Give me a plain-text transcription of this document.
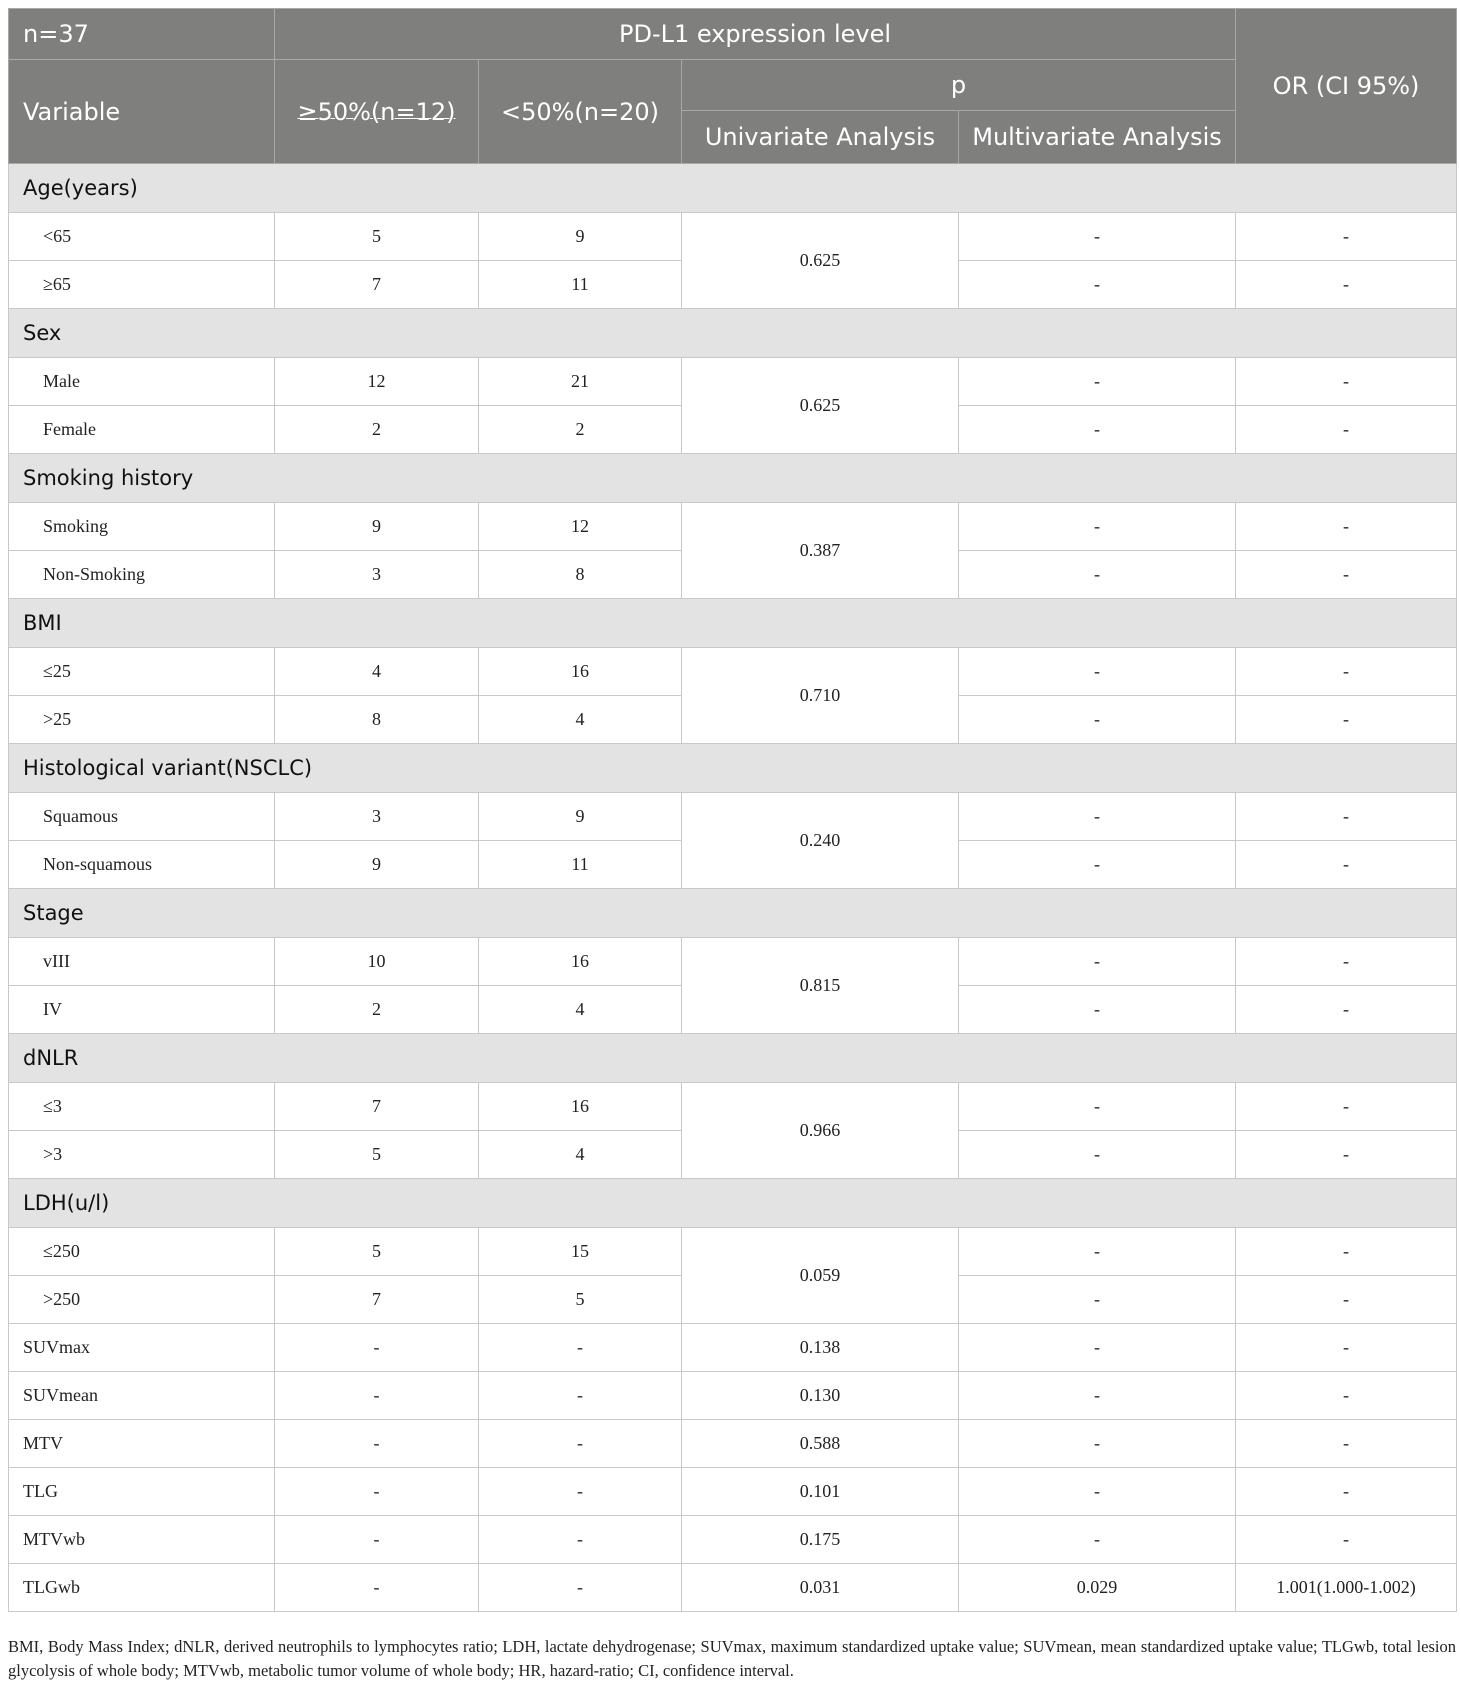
n=37	PD-L1 expression level				OR (CI 95%)
Variable	≥50%(n=12)	<50%(n=20)	p		
			Univariate Analysis	Multivariate Analysis	
Age(years)					
<65	5	9	0.625	-	-
≥65	7	11		-	-
Sex					
Male	12	21	0.625	-	-
Female	2	2		-	-
Smoking history					
Smoking	9	12	0.387	-	-
Non-Smoking	3	8		-	-
BMI					
≤25	4	16	0.710	-	-
>25	8	4		-	-
Histological variant(NSCLC)					
Squamous	3	9	0.240	-	-
Non-squamous	9	11		-	-
Stage					
vIII	10	16	0.815	-	-
IV	2	4		-	-
dNLR					
≤3	7	16	0.966	-	-
>3	5	4		-	-
LDH(u/l)					
≤250	5	15	0.059	-	-
>250	7	5		-	-
SUVmax	-	-	0.138	-	-
SUVmean	-	-	0.130	-	-
MTV	-	-	0.588	-	-
TLG	-	-	0.101	-	-
MTVwb	-	-	0.175	-	-
TLGwb	-	-	0.031	0.029	1.001(1.000-1.002)

BMI, Body Mass Index; dNLR, derived neutrophils to lymphocytes ratio; LDH, lactate dehydrogenase; SUVmax, maximum standardized uptake value; SUVmean, mean standardized uptake value; TLGwb, total lesion glycolysis of whole body; MTVwb, metabolic tumor volume of whole body; HR, hazard-ratio; CI, confidence interval.
